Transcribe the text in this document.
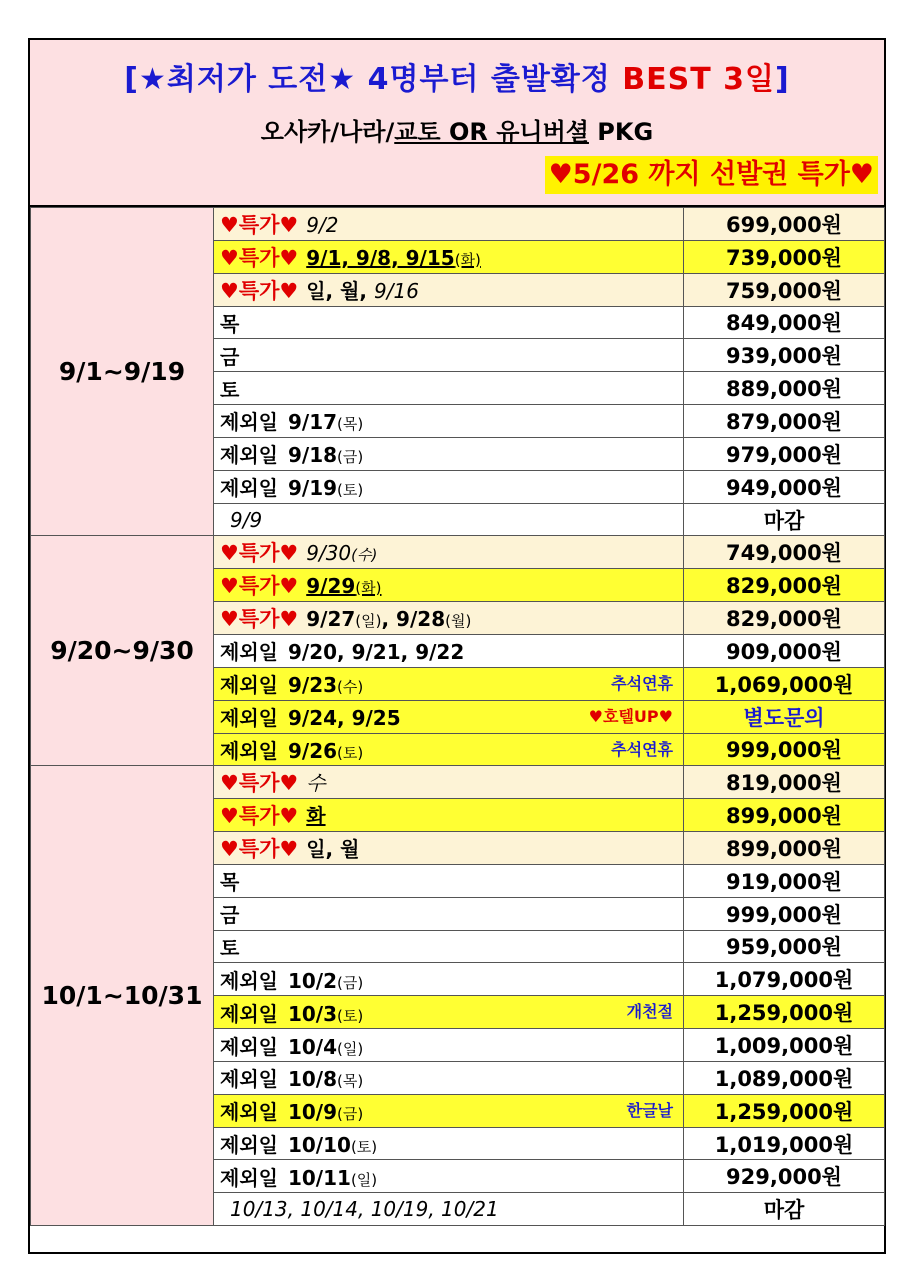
[★최저가 도전★ 4명부터 출발확정 BEST 3일]
오사카/나라/교토 OR 유니버셜 PKG
♥5/26 까지 선발권 특가♥
9/1~9/19	♥특가♥ 9/2	699,000원
	♥특가♥ 9/1, 9/8, 9/15(화)	739,000원
	♥특가♥ 일, 월, 9/16	759,000원
	목	849,000원
	금	939,000원
	토	889,000원
	제외일 9/17(목)	879,000원
	제외일 9/18(금)	979,000원
	제외일 9/19(토)	949,000원
	9/9	마감
9/20~9/30	♥특가♥ 9/30(수)	749,000원
	♥특가♥ 9/29(화)	829,000원
	♥특가♥ 9/27(일), 9/28(월)	829,000원
	제외일 9/20, 9/21, 9/22	909,000원
	제외일 9/23(수) 추석연휴	1,069,000원
	제외일 9/24, 9/25 ♥호텔UP♥	별도문의
	제외일 9/26(토) 추석연휴	999,000원
10/1~10/31	♥특가♥ 수	819,000원
	♥특가♥ 화	899,000원
	♥특가♥ 일, 월	899,000원
	목	919,000원
	금	999,000원
	토	959,000원
	제외일 10/2(금)	1,079,000원
	제외일 10/3(토) 개천절	1,259,000원
	제외일 10/4(일)	1,009,000원
	제외일 10/8(목)	1,089,000원
	제외일 10/9(금) 한글날	1,259,000원
	제외일 10/10(토)	1,019,000원
	제외일 10/11(일)	929,000원
	10/13, 10/14, 10/19, 10/21	마감
